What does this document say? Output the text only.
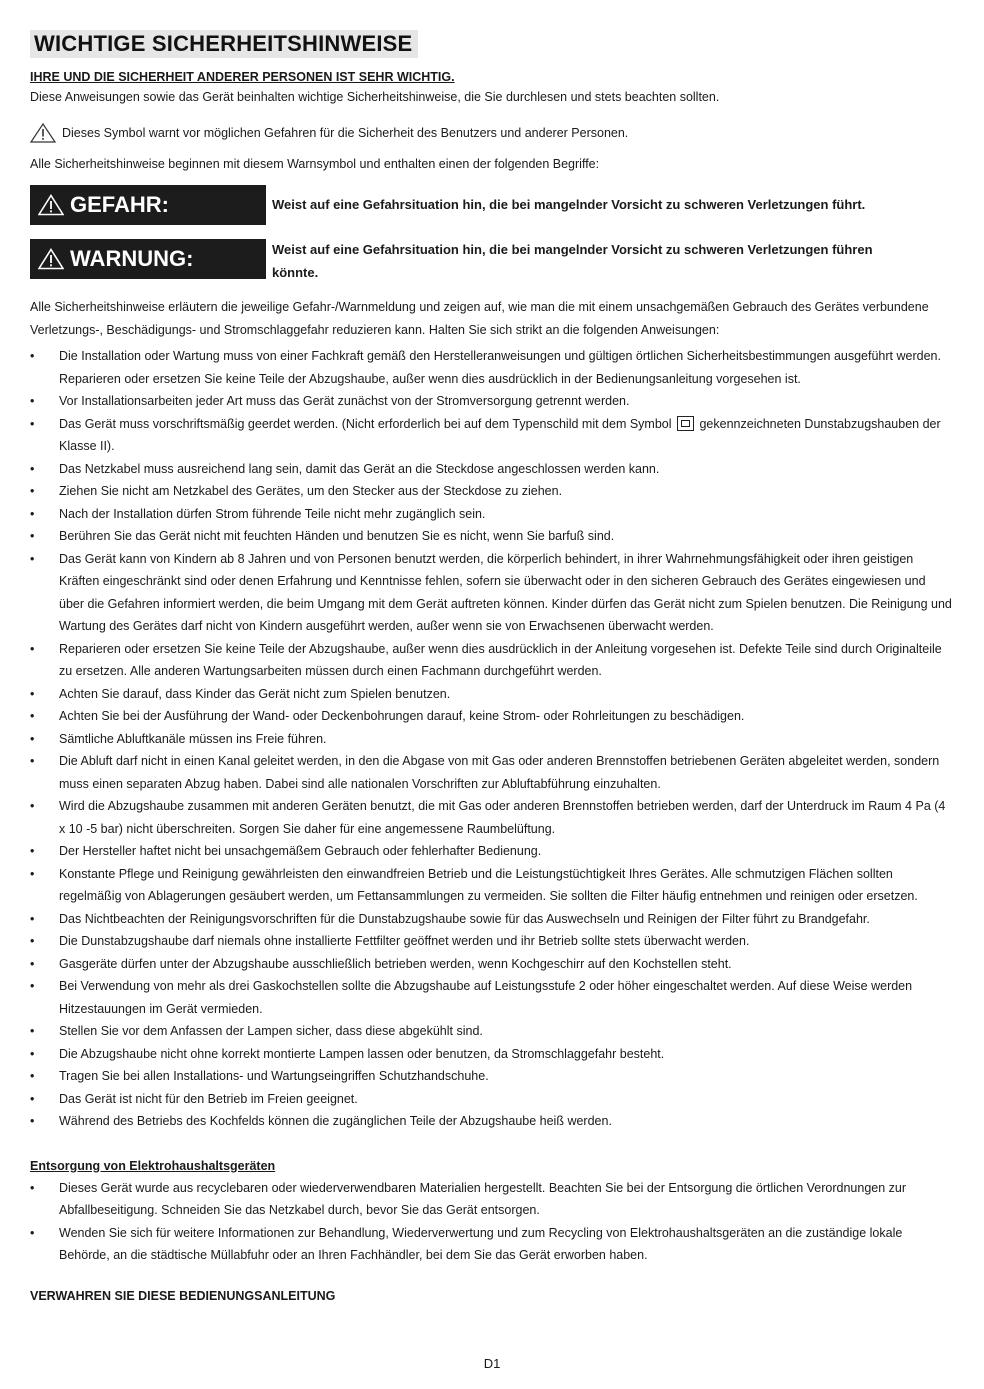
WICHTIGE SICHERHEITSHINWEISE
IHRE UND DIE SICHERHEIT ANDERER PERSONEN IST SEHR WICHTIG.

Diese Anweisungen sowie das Gerät beinhalten wichtige Sicherheitshinweise, die Sie durchlesen und stets beachten sollten.

Dieses Symbol warnt vor möglichen Gefahren für die Sicherheit des Benutzers und anderer Personen.

Alle Sicherheitshinweise beginnen mit diesem Warnsymbol und enthalten einen der folgenden Begriffe:

GEFAHR:	Weist auf eine Gefahrsituation hin, die bei mangelnder Vorsicht zu schweren Verletzungen führt.
WARNUNG:	Weist auf eine Gefahrsituation hin, die bei mangelnder Vorsicht zu schweren Verletzungen führen könnte.

Alle Sicherheitshinweise erläutern die jeweilige Gefahr-/Warnmeldung und zeigen auf, wie man die mit einem unsachgemäßen Gebrauch des Gerätes verbundene Verletzungs-, Beschädigungs- und Stromschlaggefahr reduzieren kann. Halten Sie sich strikt an die folgenden Anweisungen:

• Die Installation oder Wartung muss von einer Fachkraft gemäß den Herstelleranweisungen und gültigen örtlichen Sicherheitsbestimmungen ausgeführt werden. Reparieren oder ersetzen Sie keine Teile der Abzugshaube, außer wenn dies ausdrücklich in der Bedienungsanleitung vorgesehen ist.
• Vor Installationsarbeiten jeder Art muss das Gerät zunächst von der Stromversorgung getrennt werden.
• Das Gerät muss vorschriftsmäßig geerdet werden. (Nicht erforderlich bei auf dem Typenschild mit dem Symbol gekennzeichneten Dunstabzugshauben der Klasse II).
• Das Netzkabel muss ausreichend lang sein, damit das Gerät an die Steckdose angeschlossen werden kann.
• Ziehen Sie nicht am Netzkabel des Gerätes, um den Stecker aus der Steckdose zu ziehen.
• Nach der Installation dürfen Strom führende Teile nicht mehr zugänglich sein.
• Berühren Sie das Gerät nicht mit feuchten Händen und benutzen Sie es nicht, wenn Sie barfuß sind.
• Das Gerät kann von Kindern ab 8 Jahren und von Personen benutzt werden, die körperlich behindert, in ihrer Wahrnehmungsfähigkeit oder ihren geistigen Kräften eingeschränkt sind oder denen Erfahrung und Kenntnisse fehlen, sofern sie überwacht oder in den sicheren Gebrauch des Gerätes eingewiesen und über die Gefahren informiert werden, die beim Umgang mit dem Gerät auftreten können. Kinder dürfen das Gerät nicht zum Spielen benutzen. Die Reinigung und Wartung des Gerätes darf nicht von Kindern ausgeführt werden, außer wenn sie von Erwachsenen überwacht werden.
• Reparieren oder ersetzen Sie keine Teile der Abzugshaube, außer wenn dies ausdrücklich in der Anleitung vorgesehen ist. Defekte Teile sind durch Originalteile zu ersetzen. Alle anderen Wartungsarbeiten müssen durch einen Fachmann durchgeführt werden.
• Achten Sie darauf, dass Kinder das Gerät nicht zum Spielen benutzen.
• Achten Sie bei der Ausführung der Wand- oder Deckenbohrungen darauf, keine Strom- oder Rohrleitungen zu beschädigen.
• Sämtliche Abluftkanäle müssen ins Freie führen.
• Die Abluft darf nicht in einen Kanal geleitet werden, in den die Abgase von mit Gas oder anderen Brennstoffen betriebenen Geräten abgeleitet werden, sondern muss einen separaten Abzug haben. Dabei sind alle nationalen Vorschriften zur Abluftabführung einzuhalten.
• Wird die Abzugshaube zusammen mit anderen Geräten benutzt, die mit Gas oder anderen Brennstoffen betrieben werden, darf der Unterdruck im Raum 4 Pa (4 x 10 -5 bar) nicht überschreiten. Sorgen Sie daher für eine angemessene Raumbelüftung.
• Der Hersteller haftet nicht bei unsachgemäßem Gebrauch oder fehlerhafter Bedienung.
• Konstante Pflege und Reinigung gewährleisten den einwandfreien Betrieb und die Leistungstüchtigkeit Ihres Gerätes. Alle schmutzigen Flächen sollten regelmäßig von Ablagerungen gesäubert werden, um Fettansammlungen zu vermeiden. Sie sollten die Filter häufig entnehmen und reinigen oder ersetzen.
• Das Nichtbeachten der Reinigungsvorschriften für die Dunstabzugshaube sowie für das Auswechseln und Reinigen der Filter führt zu Brandgefahr.
• Die Dunstabzugshaube darf niemals ohne installierte Fettfilter geöffnet werden und ihr Betrieb sollte stets überwacht werden.
• Gasgeräte dürfen unter der Abzugshaube ausschließlich betrieben werden, wenn Kochgeschirr auf den Kochstellen steht.
• Bei Verwendung von mehr als drei Gaskochstellen sollte die Abzugshaube auf Leistungsstufe 2 oder höher eingeschaltet werden. Auf diese Weise werden Hitzestauungen im Gerät vermieden.
• Stellen Sie vor dem Anfassen der Lampen sicher, dass diese abgekühlt sind.
• Die Abzugshaube nicht ohne korrekt montierte Lampen lassen oder benutzen, da Stromschlaggefahr besteht.
• Tragen Sie bei allen Installations- und Wartungseingriffen Schutzhandschuhe.
• Das Gerät ist nicht für den Betrieb im Freien geeignet.
• Während des Betriebs des Kochfelds können die zugänglichen Teile der Abzugshaube heiß werden.
Entsorgung von Elektrohaushaltsgeräten
• Dieses Gerät wurde aus recyclebaren oder wiederverwendbaren Materialien hergestellt. Beachten Sie bei der Entsorgung die örtlichen Verordnungen zur Abfallbeseitigung. Schneiden Sie das Netzkabel durch, bevor Sie das Gerät entsorgen.
• Wenden Sie sich für weitere Informationen zur Behandlung, Wiederverwertung und zum Recycling von Elektrohaushaltsgeräten an die zuständige lokale Behörde, an die städtische Müllabfuhr oder an Ihren Fachhändler, bei dem Sie das Gerät erworben haben.
VERWAHREN SIE DIESE BEDIENUNGSANLEITUNG
D1
